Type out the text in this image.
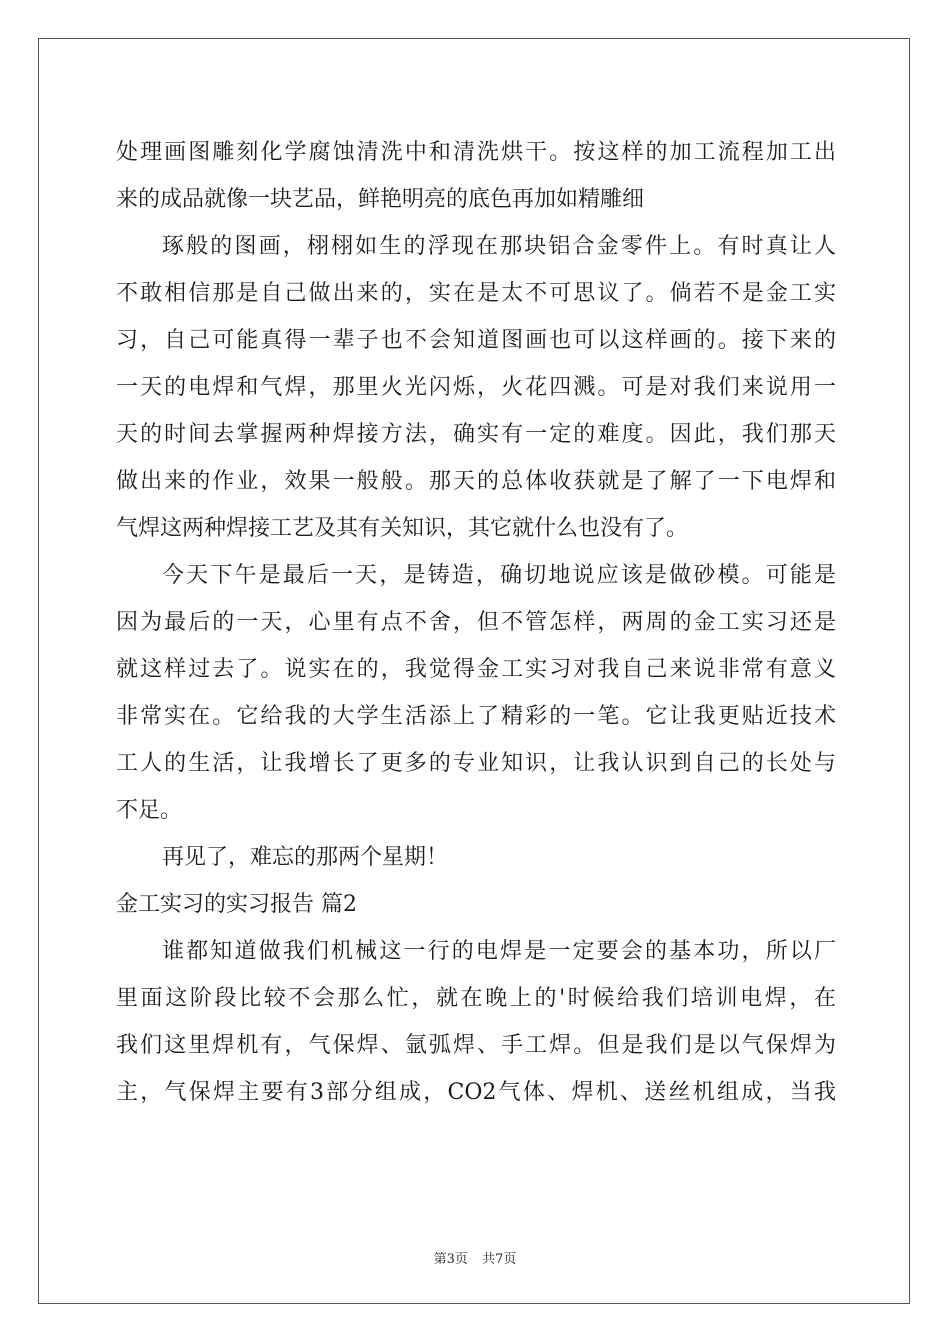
处理画图雕刻化学腐蚀清洗中和清洗烘干。按这样的加工流程加工出
来的成品就像一块艺品，鲜艳明亮的底色再加如精雕细
琢般的图画，栩栩如生的浮现在那块铝合金零件上。有时真让人
不敢相信那是自己做出来的，实在是太不可思议了。倘若不是金工实
习，自己可能真得一辈子也不会知道图画也可以这样画的。接下来的
一天的电焊和气焊，那里火光闪烁，火花四溅。可是对我们来说用一
天的时间去掌握两种焊接方法，确实有一定的难度。因此，我们那天
做出来的作业，效果一般般。那天的总体收获就是了解了一下电焊和
气焊这两种焊接工艺及其有关知识，其它就什么也没有了。
今天下午是最后一天，是铸造，确切地说应该是做砂模。可能是
因为最后的一天，心里有点不舍，但不管怎样，两周的金工实习还是
就这样过去了。说实在的，我觉得金工实习对我自己来说非常有意义
非常实在。它给我的大学生活添上了精彩的一笔。它让我更贴近技术
工人的生活，让我增长了更多的专业知识，让我认识到自己的长处与
不足。
再见了，难忘的那两个星期！
金工实习的实习报告 篇2
谁都知道做我们机械这一行的电焊是一定要会的基本功，所以厂
里面这阶段比较不会那么忙，就在晚上的'时候给我们培训电焊，在
我们这里焊机有，气保焊、氩弧焊、手工焊。但是我们是以气保焊为
主，气保焊主要有3部分组成，CO2气体、焊机、送丝机组成，当我
第3页 共7页
